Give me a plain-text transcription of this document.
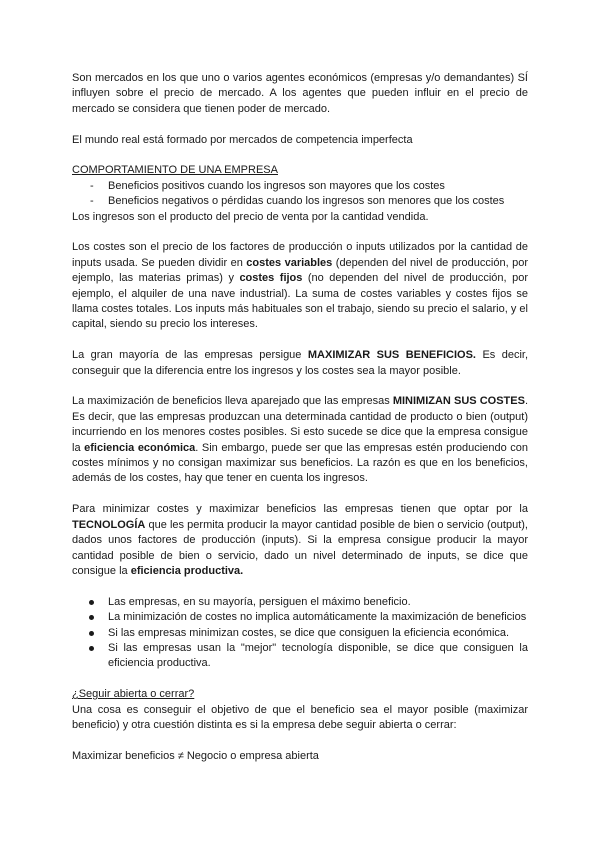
Son mercados en los que uno o varios agentes económicos (empresas y/o demandantes) SÍ influyen sobre el precio de mercado. A los agentes que pueden influir en el precio de mercado se considera que tienen poder de mercado.

El mundo real está formado por mercados de competencia imperfecta

COMPORTAMIENTO DE UNA EMPRESA

- Beneficios positivos cuando los ingresos son mayores que los costes
- Beneficios negativos o pérdidas cuando los ingresos son menores que los costes

Los ingresos son el producto del precio de venta por la cantidad vendida.

Los costes son el precio de los factores de producción o inputs utilizados por la cantidad de inputs usada. Se pueden dividir en costes variables (dependen del nivel de producción, por ejemplo, las materias primas) y costes fijos (no dependen del nivel de producción, por ejemplo, el alquiler de una nave industrial). La suma de costes variables y costes fijos se llama costes totales. Los inputs más habituales son el trabajo, siendo su precio el salario, y el capital, siendo su precio los intereses.

La gran mayoría de las empresas persigue MAXIMIZAR SUS BENEFICIOS. Es decir, conseguir que la diferencia entre los ingresos y los costes sea la mayor posible.

La maximización de beneficios lleva aparejado que las empresas MINIMIZAN SUS COSTES. Es decir, que las empresas produzcan una determinada cantidad de producto o bien (output) incurriendo en los menores costes posibles. Si esto sucede se dice que la empresa consigue la eficiencia económica. Sin embargo, puede ser que las empresas estén produciendo con costes mínimos y no consigan maximizar sus beneficios. La razón es que en los beneficios, además de los costes, hay que tener en cuenta los ingresos.

Para minimizar costes y maximizar beneficios las empresas tienen que optar por la TECNOLOGÍA que les permita producir la mayor cantidad posible de bien o servicio (output), dados unos factores de producción (inputs). Si la empresa consigue producir la mayor cantidad posible de bien o servicio, dado un nivel determinado de inputs, se dice que consigue la eficiencia productiva.

Las empresas, en su mayoría, persiguen el máximo beneficio.
La minimización de costes no implica automáticamente la maximización de beneficios
Si las empresas minimizan costes, se dice que consiguen la eficiencia económica.
Si las empresas usan la "mejor" tecnología disponible, se dice que consiguen la eficiencia productiva.

¿Seguir abierta o cerrar?

Una cosa es conseguir el objetivo de que el beneficio sea el mayor posible (maximizar beneficio) y otra cuestión distinta es si la empresa debe seguir abierta o cerrar:

Maximizar beneficios ≠ Negocio o empresa abierta
